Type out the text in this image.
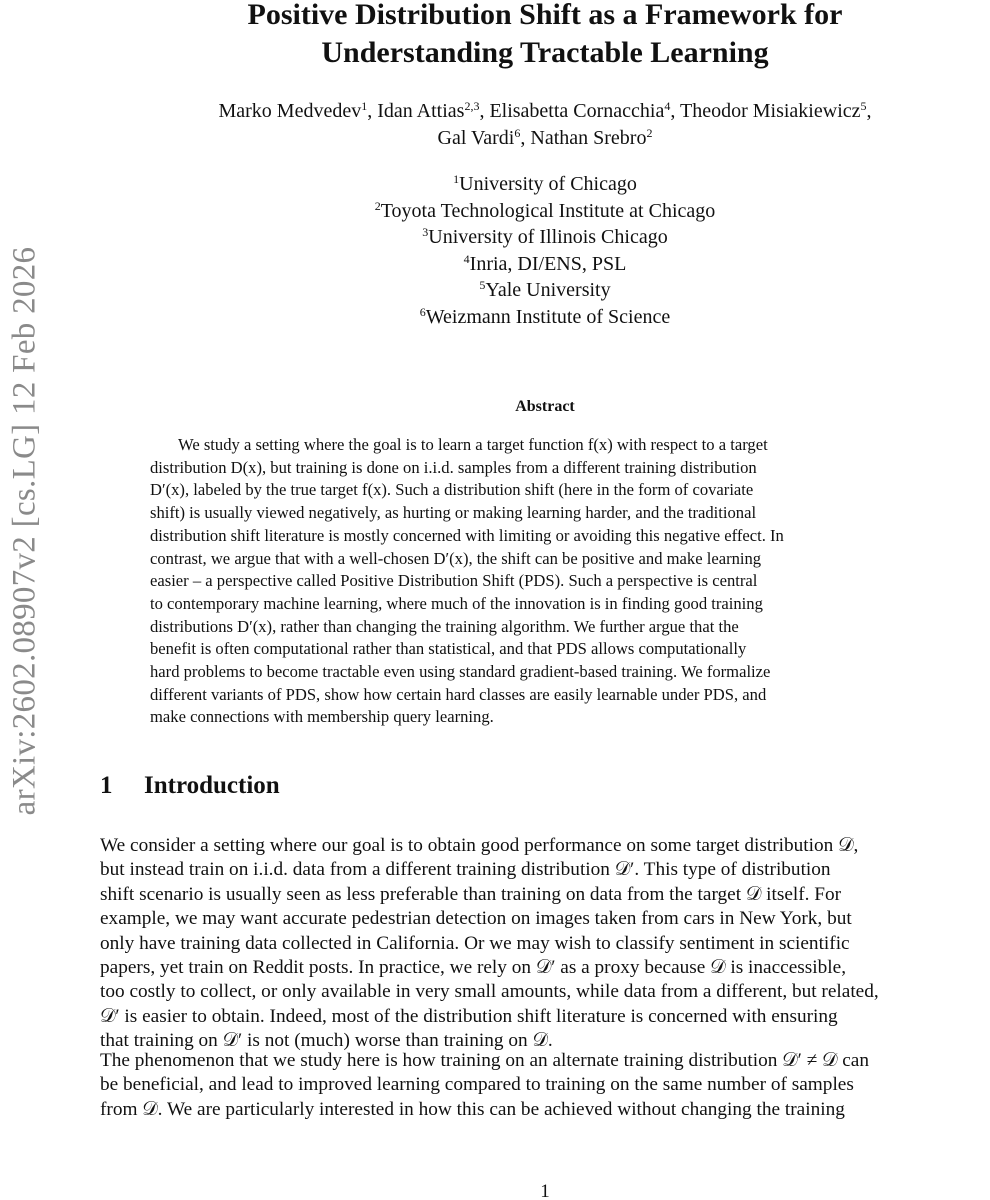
arXiv:2602.08907v2 [cs.LG] 12 Feb 2026
Positive Distribution Shift as a Framework for
Understanding Tractable Learning
Marko Medvedev$^1$, Idan Attias$^{2,3}$, Elisabetta Cornacchia$^4$, Theodor Misiakiewicz$^5$,
Gal Vardi$^6$, Nathan Srebro$^2$
$^1$University of Chicago
$^2$Toyota Technological Institute at Chicago
$^3$University of Illinois Chicago
$^4$Inria, DI/ENS, PSL
$^5$Yale University
$^6$Weizmann Institute of Science
Abstract

We study a setting where the goal is to learn a target function f(x) with respect to a target
distribution D(x), but training is done on i.i.d. samples from a different training distribution
D′(x), labeled by the true target f(x). Such a distribution shift (here in the form of covariate
shift) is usually viewed negatively, as hurting or making learning harder, and the traditional
distribution shift literature is mostly concerned with limiting or avoiding this negative effect. In
contrast, we argue that with a well-chosen D′(x), the shift can be positive and make learning
easier – a perspective called Positive Distribution Shift (PDS). Such a perspective is central
to contemporary machine learning, where much of the innovation is in finding good training
distributions D′(x), rather than changing the training algorithm. We further argue that the
benefit is often computational rather than statistical, and that PDS allows computationally
hard problems to become tractable even using standard gradient-based training. We formalize
different variants of PDS, show how certain hard classes are easily learnable under PDS, and
make connections with membership query learning.

1 Introduction

We consider a setting where our goal is to obtain good performance on some target distribution 𝒟,
but instead train on i.i.d. data from a different training distribution 𝒟′. This type of distribution
shift scenario is usually seen as less preferable than training on data from the target 𝒟 itself. For
example, we may want accurate pedestrian detection on images taken from cars in New York, but
only have training data collected in California. Or we may wish to classify sentiment in scientific
papers, yet train on Reddit posts. In practice, we rely on 𝒟′ as a proxy because 𝒟 is inaccessible,
too costly to collect, or only available in very small amounts, while data from a different, but related,
𝒟′ is easier to obtain. Indeed, most of the distribution shift literature is concerned with ensuring
that training on 𝒟′ is not (much) worse than training on 𝒟.

The phenomenon that we study here is how training on an alternate training distribution 𝒟′ ≠ 𝒟 can
be beneficial, and lead to improved learning compared to training on the same number of samples
from 𝒟. We are particularly interested in how this can be achieved without changing the training

1
